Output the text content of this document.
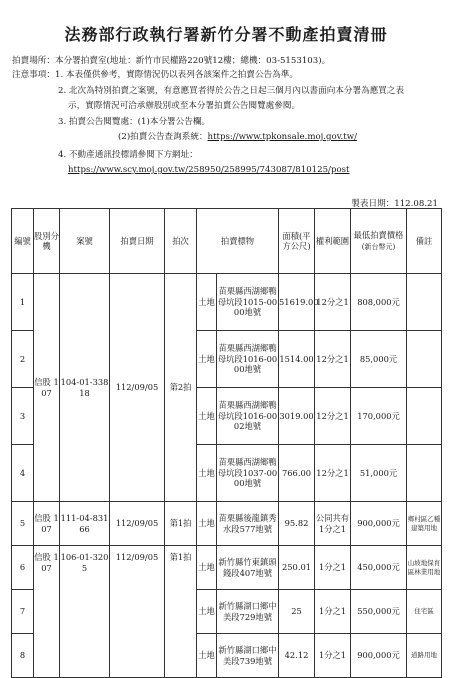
法務部行政執行署新竹分署不動產拍賣清冊
拍賣場所：本分署拍賣室(地址：新竹市民權路220號12樓；總機：03-5153103)。
注意事項：1. 本表僅供參考，實際情況仍以表列各該案件之拍賣公告為準。
2. 北次為特別拍賣之案號，有意應買者得於公告之日起三個月內以書面向本分署為應買之表
示，實際情況可洽承辦股別或至本分署拍賣公告閱覽處參閱。
3. 拍賣公告閱覽處：(1)本分署公告欄。
(2)拍賣公告查詢系統：https://www.tpkonsale.moj.gov.tw/
4. 不動產通訊投標請參閱下方網址：
https://www.scy.moj.gov.tw/258950/258995/743087/810125/post
製表日期：112.08.21
編號	股別分機	案號	拍賣日期	拍次	拍賣標物		面積(平方公尺)	權利範圍	最低拍賣價格
(新台幣元)	備註
1	信股 107	104-01-33818	112/09/05	第2拍	土地	苗栗縣西湖鄉鴨母坑段1015-0000地號	51619.00	12分之1	808,000元	
2					土地	苗栗縣西湖鄉鴨母坑段1016-0000地號	1514.00	12分之1	85,000元	
3					土地	苗栗縣西湖鄉鴨母坑段1016-0002地號	3019.00	12分之1	170,000元	
4					土地	苗栗縣西湖鄉鴨母坑段1037-0000地號	766.00	12分之1	51,000元	
5	信股 107	111-04-83166	112/09/05	第1拍	土地	苗栗縣後龍鎮秀水段577地號	95.82	公同共有1分之1	900,000元	鄉村區乙種建築用地
6	信股 107	106-01-3205	112/09/05	第1拍	土地	新竹縣竹東鎮頭錢段407地號	250.01	1分之1	450,000元	山坡地保育區林業用地
7					土地	新竹縣湖口鄉中美段729地號	25	1分之1	550,000元	住宅區
8					土地	新竹縣湖口鄉中美段739地號	42.12	1分之1	900,000元	道路用地
